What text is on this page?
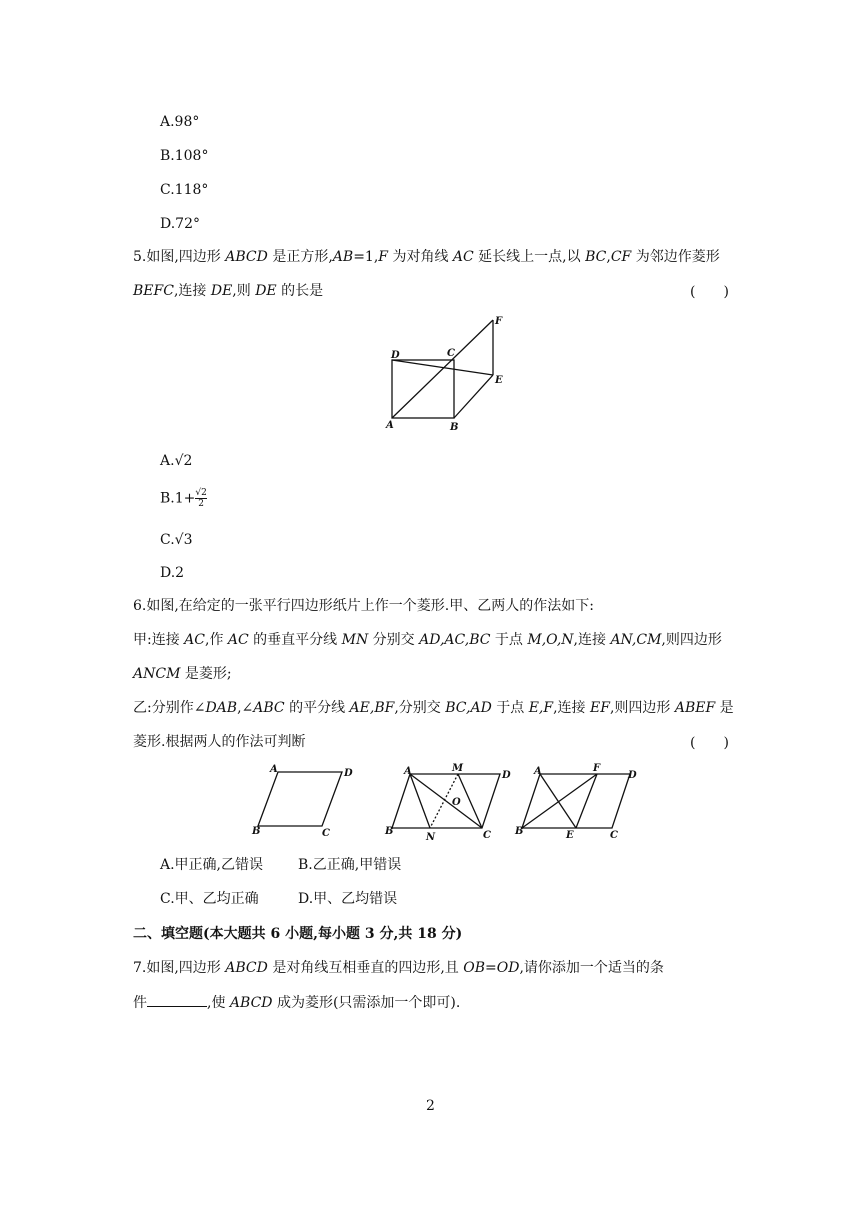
A.98°
B.108°
C.118°
D.72°
5.如图,四边形 ABCD 是正方形,AB=1,F 为对角线 AC 延长线上一点,以 BC,CF 为邻边作菱形
BEFC,连接 DE,则 DE 的长是	(　　)
D	C
F
E
A	B
A.√2
$B.1+ \frac{√2}{2}$
C.√3
D.2
6.如图,在给定的一张平行四边形纸片上作一个菱形.甲、乙两人的作法如下:
甲:连接 AC,作 AC 的垂直平分线 MN 分别交 AD,AC,BC 于点 M,O,N,连接 AN,CM,则四边形
ANCM 是菱形;
乙:分别作∠DAB,∠ABC 的平分线 AE,BF,分别交 BC,AD 于点 E,F,连接 EF,则四边形 ABEF 是
菱形.根据两人的作法可判断	(　　)
A	D
B	C
A	M
D
O
B
N	C
A	F
D
B	E	C
A.甲正确,乙错误 B.乙正确,甲错误
C.甲、乙均正确	D.甲、乙均错误
二、填空题(本大题共 6 小题,每小题 3 分,共 18 分)
7.如图,四边形 ABCD 是对角线互相垂直的四边形,且 OB=OD,请你添加一个适当的条
件	,使 ABCD 成为菱形(只需添加一个即可).
2
